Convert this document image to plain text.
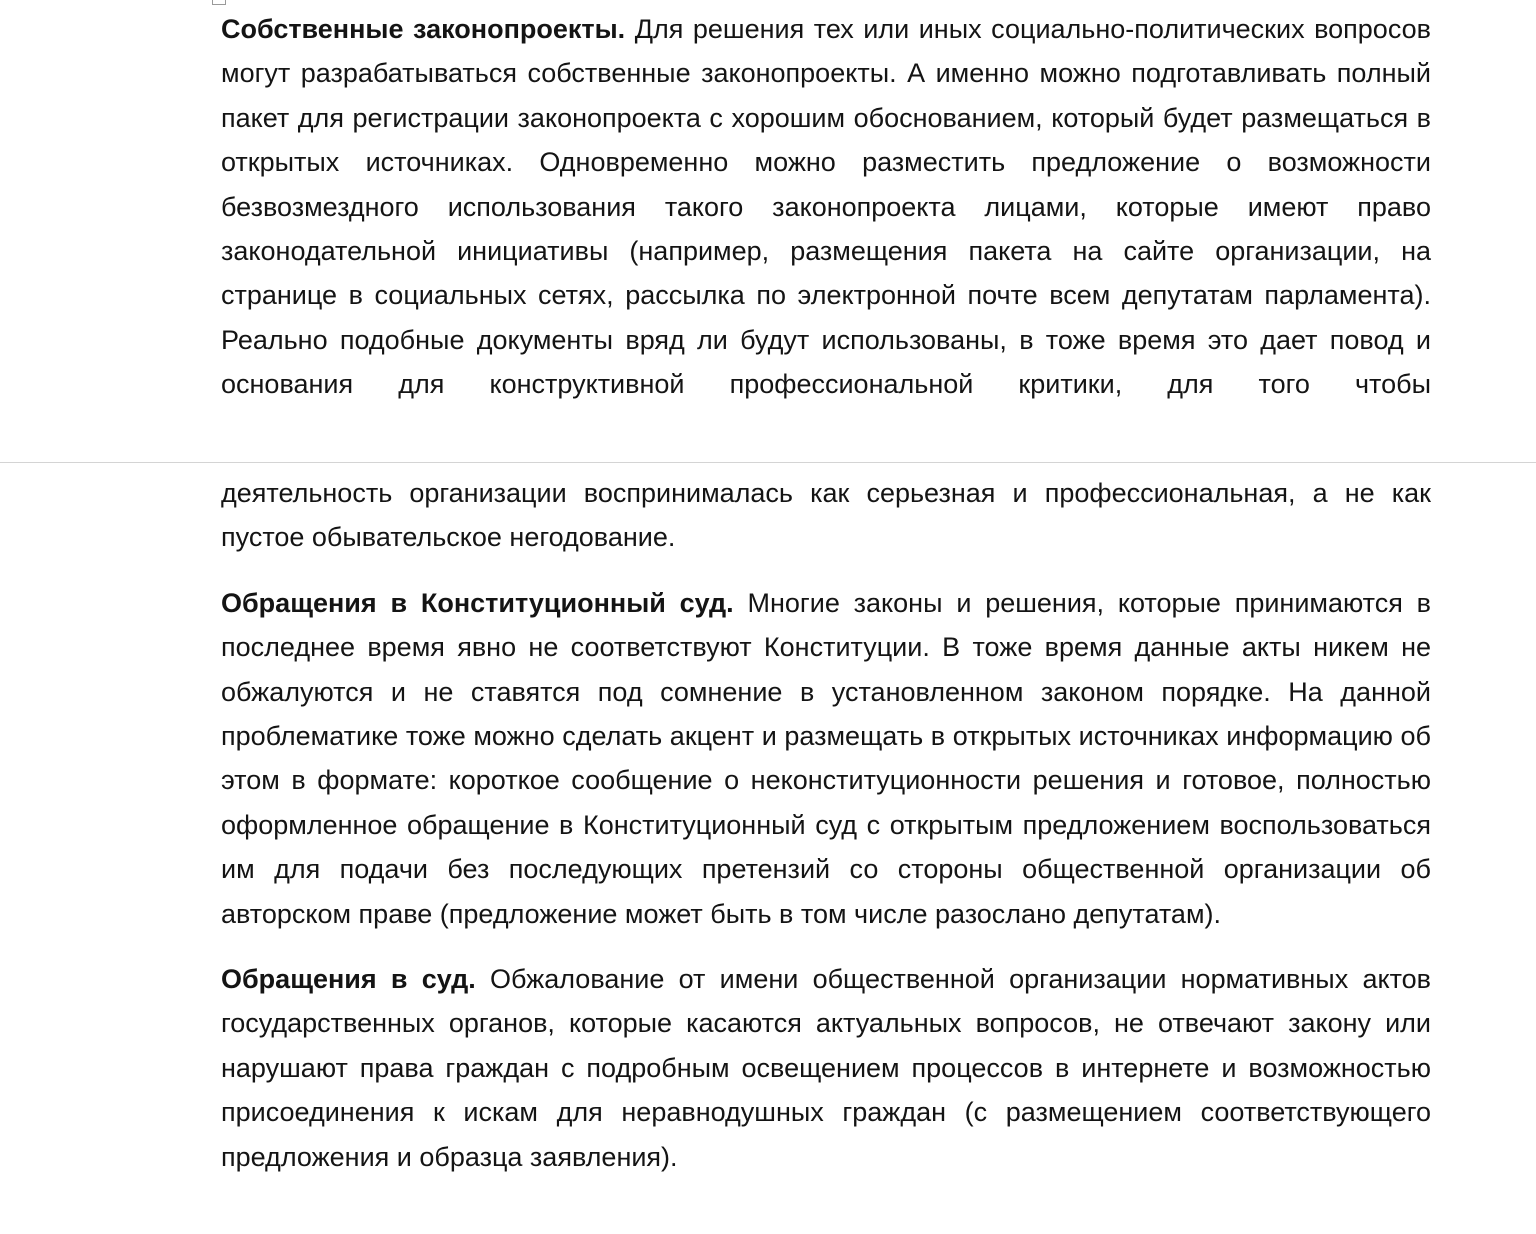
Собственные законопроекты. Для решения тех или иных социально-политических вопросов могут разрабатываться собственные законопроекты. А именно можно подготавливать полный пакет для регистрации законопроекта с хорошим обоснованием, который будет размещаться в открытых источниках. Одновременно можно разместить предложение о возможности безвозмездного использования такого законопроекта лицами, которые имеют право законодательной инициативы (например, размещения пакета на сайте организации, на странице в социальных сетях, рассылка по электронной почте всем депутатам парламента). Реально подобные документы вряд ли будут использованы, в тоже время это дает повод и основания для конструктивной профессиональной критики, для того чтобы

деятельность организации воспринималась как серьезная и профессиональная, а не как пустое обывательское негодование.

Обращения в Конституционный суд. Многие законы и решения, которые принимаются в последнее время явно не соответствуют Конституции. В тоже время данные акты никем не обжалуются и не ставятся под сомнение в установленном законом порядке. На данной проблематике тоже можно сделать акцент и размещать в открытых источниках информацию об этом в формате: короткое сообщение о неконституционности решения и готовое, полностью оформленное обращение в Конституционный суд с открытым предложением воспользоваться им для подачи без последующих претензий со стороны общественной организации об авторском праве (предложение может быть в том числе разослано депутатам).

Обращения в суд. Обжалование от имени общественной организации нормативных актов государственных органов, которые касаются актуальных вопросов, не отвечают закону или нарушают права граждан с подробным освещением процессов в интернете и возможностью присоединения к искам для неравнодушных граждан (с размещением соответствующего предложения и образца заявления).
